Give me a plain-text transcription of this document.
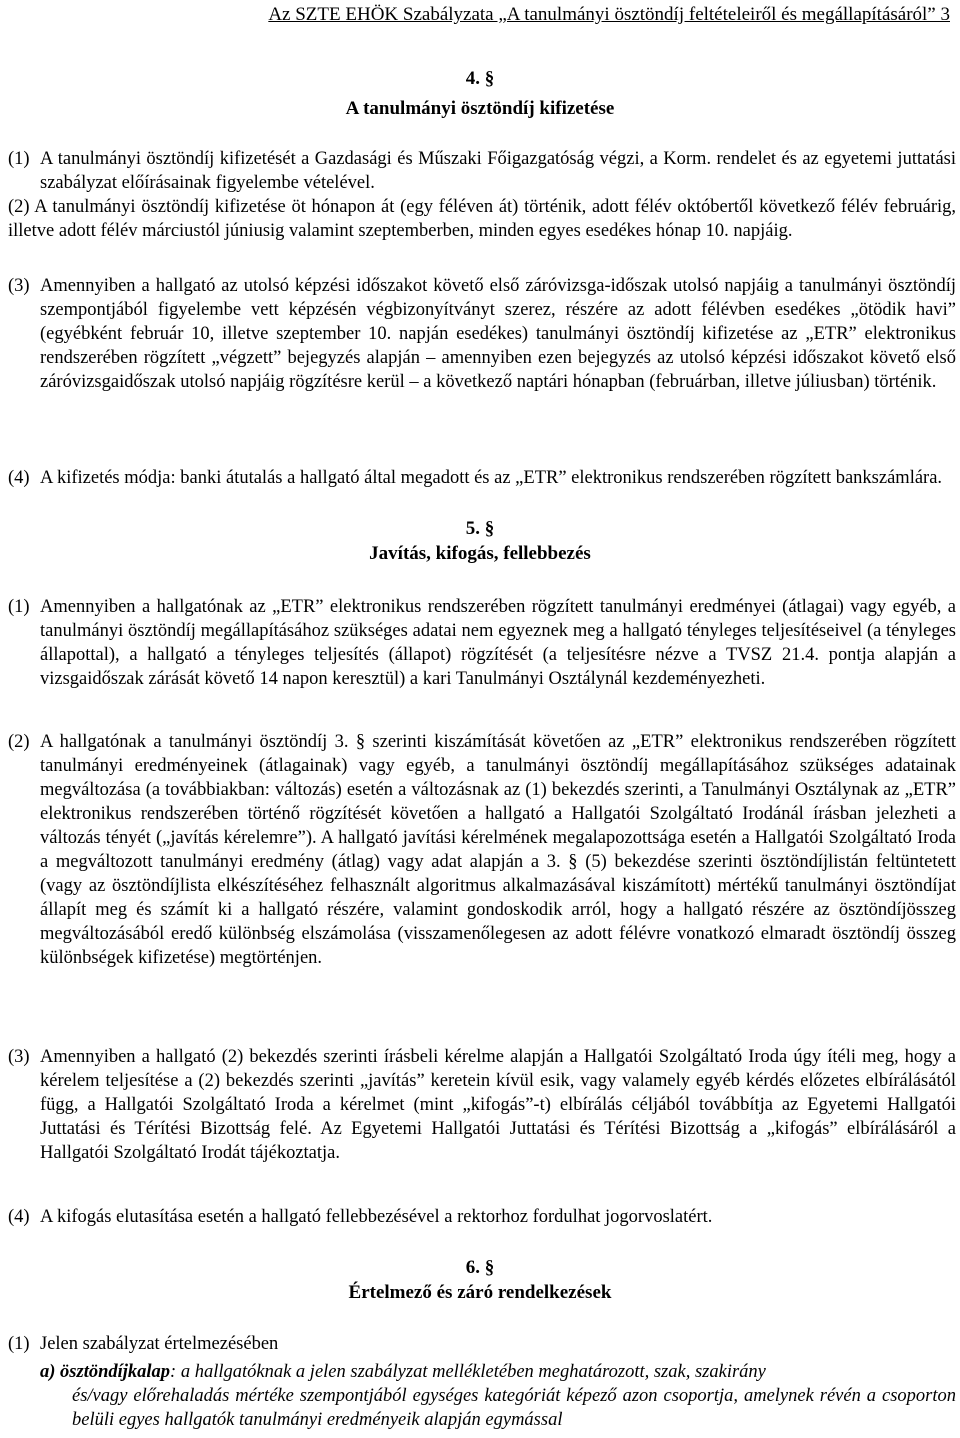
Az SZTE EHÖK Szabályzata „A tanulmányi ösztöndíj feltételeiről és megállapításáról” 3
4. §
A tanulmányi ösztöndíj kifizetése
(1) A tanulmányi ösztöndíj kifizetését a Gazdasági és Műszaki Főigazgatóság végzi, a Korm. rendelet és az egyetemi juttatási szabályzat előírásainak figyelembe vételével.
(2) A tanulmányi ösztöndíj kifizetése öt hónapon át (egy féléven át) történik, adott félév októbertől következő félév februárig, illetve adott félév márciustól júniusig valamint szeptemberben, minden egyes esedékes hónap 10. napjáig.
(3) Amennyiben a hallgató az utolsó képzési időszakot követő első záróvizsga-időszak utolsó napjáig a tanulmányi ösztöndíj szempontjából figyelembe vett képzésén végbizonyítványt szerez, részére az adott félévben esedékes „ötödik havi” (egyébként február 10, illetve szeptember 10. napján esedékes) tanulmányi ösztöndíj kifizetése az „ETR” elektronikus rendszerében rögzített „végzett” bejegyzés alapján – amennyiben ezen bejegyzés az utolsó képzési időszakot követő első záróvizsgaidőszak utolsó napjáig rögzítésre kerül – a következő naptári hónapban (februárban, illetve júliusban) történik.
(4) A kifizetés módja: banki átutalás a hallgató által megadott és az „ETR” elektronikus rendszerében rögzített bankszámlára.
5. §
Javítás, kifogás, fellebbezés
(1) Amennyiben a hallgatónak az „ETR” elektronikus rendszerében rögzített tanulmányi eredményei (átlagai) vagy egyéb, a tanulmányi ösztöndíj megállapításához szükséges adatai nem egyeznek meg a hallgató tényleges teljesítéseivel (a tényleges állapottal), a hallgató a tényleges teljesítés (állapot) rögzítését (a teljesítésre nézve a TVSZ 21.4. pontja alapján a vizsgaidőszak zárását követő 14 napon keresztül) a kari Tanulmányi Osztálynál kezdeményezheti.
(2) A hallgatónak a tanulmányi ösztöndíj 3. § szerinti kiszámítását követően az „ETR” elektronikus rendszerében rögzített tanulmányi eredményeinek (átlagainak) vagy egyéb, a tanulmányi ösztöndíj megállapításához szükséges adatainak megváltozása (a továbbiakban: változás) esetén a változásnak az (1) bekezdés szerinti, a Tanulmányi Osztálynak az „ETR” elektronikus rendszerében történő rögzítését követően a hallgató a Hallgatói Szolgáltató Irodánál írásban jelezheti a változás tényét („javítás kérelemre”). A hallgató javítási kérelmének megalapozottsága esetén a Hallgatói Szolgáltató Iroda a megváltozott tanulmányi eredmény (átlag) vagy adat alapján a 3. § (5) bekezdése szerinti ösztöndíjlistán feltüntetett (vagy az ösztöndíjlista elkészítéséhez felhasznált algoritmus alkalmazásával kiszámított) mértékű tanulmányi ösztöndíjat állapít meg és számít ki a hallgató részére, valamint gondoskodik arról, hogy a hallgató részére az ösztöndíjösszeg megváltozásából eredő különbség elszámolása (visszamenőlegesen az adott félévre vonatkozó elmaradt ösztöndíj összeg különbségek kifizetése) megtörténjen.
(3) Amennyiben a hallgató (2) bekezdés szerinti írásbeli kérelme alapján a Hallgatói Szolgáltató Iroda úgy ítéli meg, hogy a kérelem teljesítése a (2) bekezdés szerinti „javítás” keretein kívül esik, vagy valamely egyéb kérdés előzetes elbírálásától függ, a Hallgatói Szolgáltató Iroda a kérelmet (mint „kifogás”-t) elbírálás céljából továbbítja az Egyetemi Hallgatói Juttatási és Térítési Bizottság felé. Az Egyetemi Hallgatói Juttatási és Térítési Bizottság a „kifogás” elbírálásáról a Hallgatói Szolgáltató Irodát tájékoztatja.
(4) A kifogás elutasítása esetén a hallgató fellebbezésével a rektorhoz fordulhat jogorvoslatért.
6. §
Értelmező és záró rendelkezések
(1) Jelen szabályzat értelmezésében
a) ösztöndíjkalap: a hallgatóknak a jelen szabályzat mellékletében meghatározott, szak, szakirány
és/vagy előrehaladás mértéke szempontjából egységes kategóriát képező azon csoportja, amelynek révén a csoporton belüli egyes hallgatók tanulmányi eredményeik alapján egymással
